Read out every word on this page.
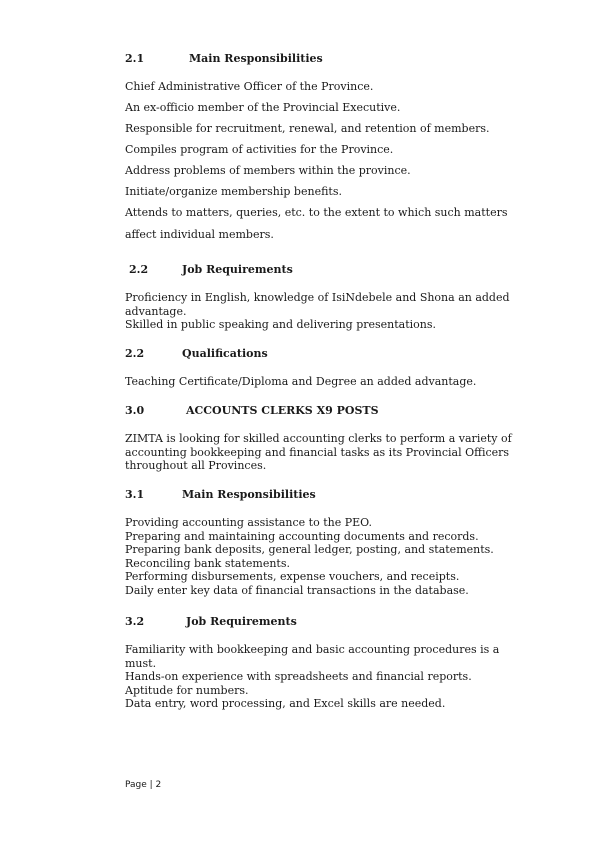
2.1	Main Responsibilities
Chief Administrative Officer of the Province.
An ex-officio member of the Provincial Executive.
Responsible for recruitment, renewal, and retention of members.
Compiles program of activities for the Province.
Address problems of members within the province.
Initiate/organize membership benefits.
Attends to matters, queries, etc. to the extent to which such matters
affect individual members.
2.2	Job Requirements
Proficiency in English, knowledge of IsiNdebele and Shona an added advantage.
Skilled in public speaking and delivering presentations.
2.2	Qualifications
Teaching Certificate/Diploma and Degree an added advantage.
3.0	ACCOUNTS CLERKS X9 POSTS
ZIMTA is looking for skilled accounting clerks to perform a variety of accounting bookkeeping and financial tasks as its Provincial Officers throughout all Provinces.
3.1	Main Responsibilities
Providing accounting assistance to the PEO.
Preparing and maintaining accounting documents and records.
Preparing bank deposits, general ledger, posting, and statements.
Reconciling bank statements.
Performing disbursements, expense vouchers, and receipts.
Daily enter key data of financial transactions in the database.
3.2	Job Requirements
Familiarity with bookkeeping and basic accounting procedures is a must.
Hands-on experience with spreadsheets and financial reports.
Aptitude for numbers.
Data entry, word processing, and Excel skills are needed.
Page | 2
